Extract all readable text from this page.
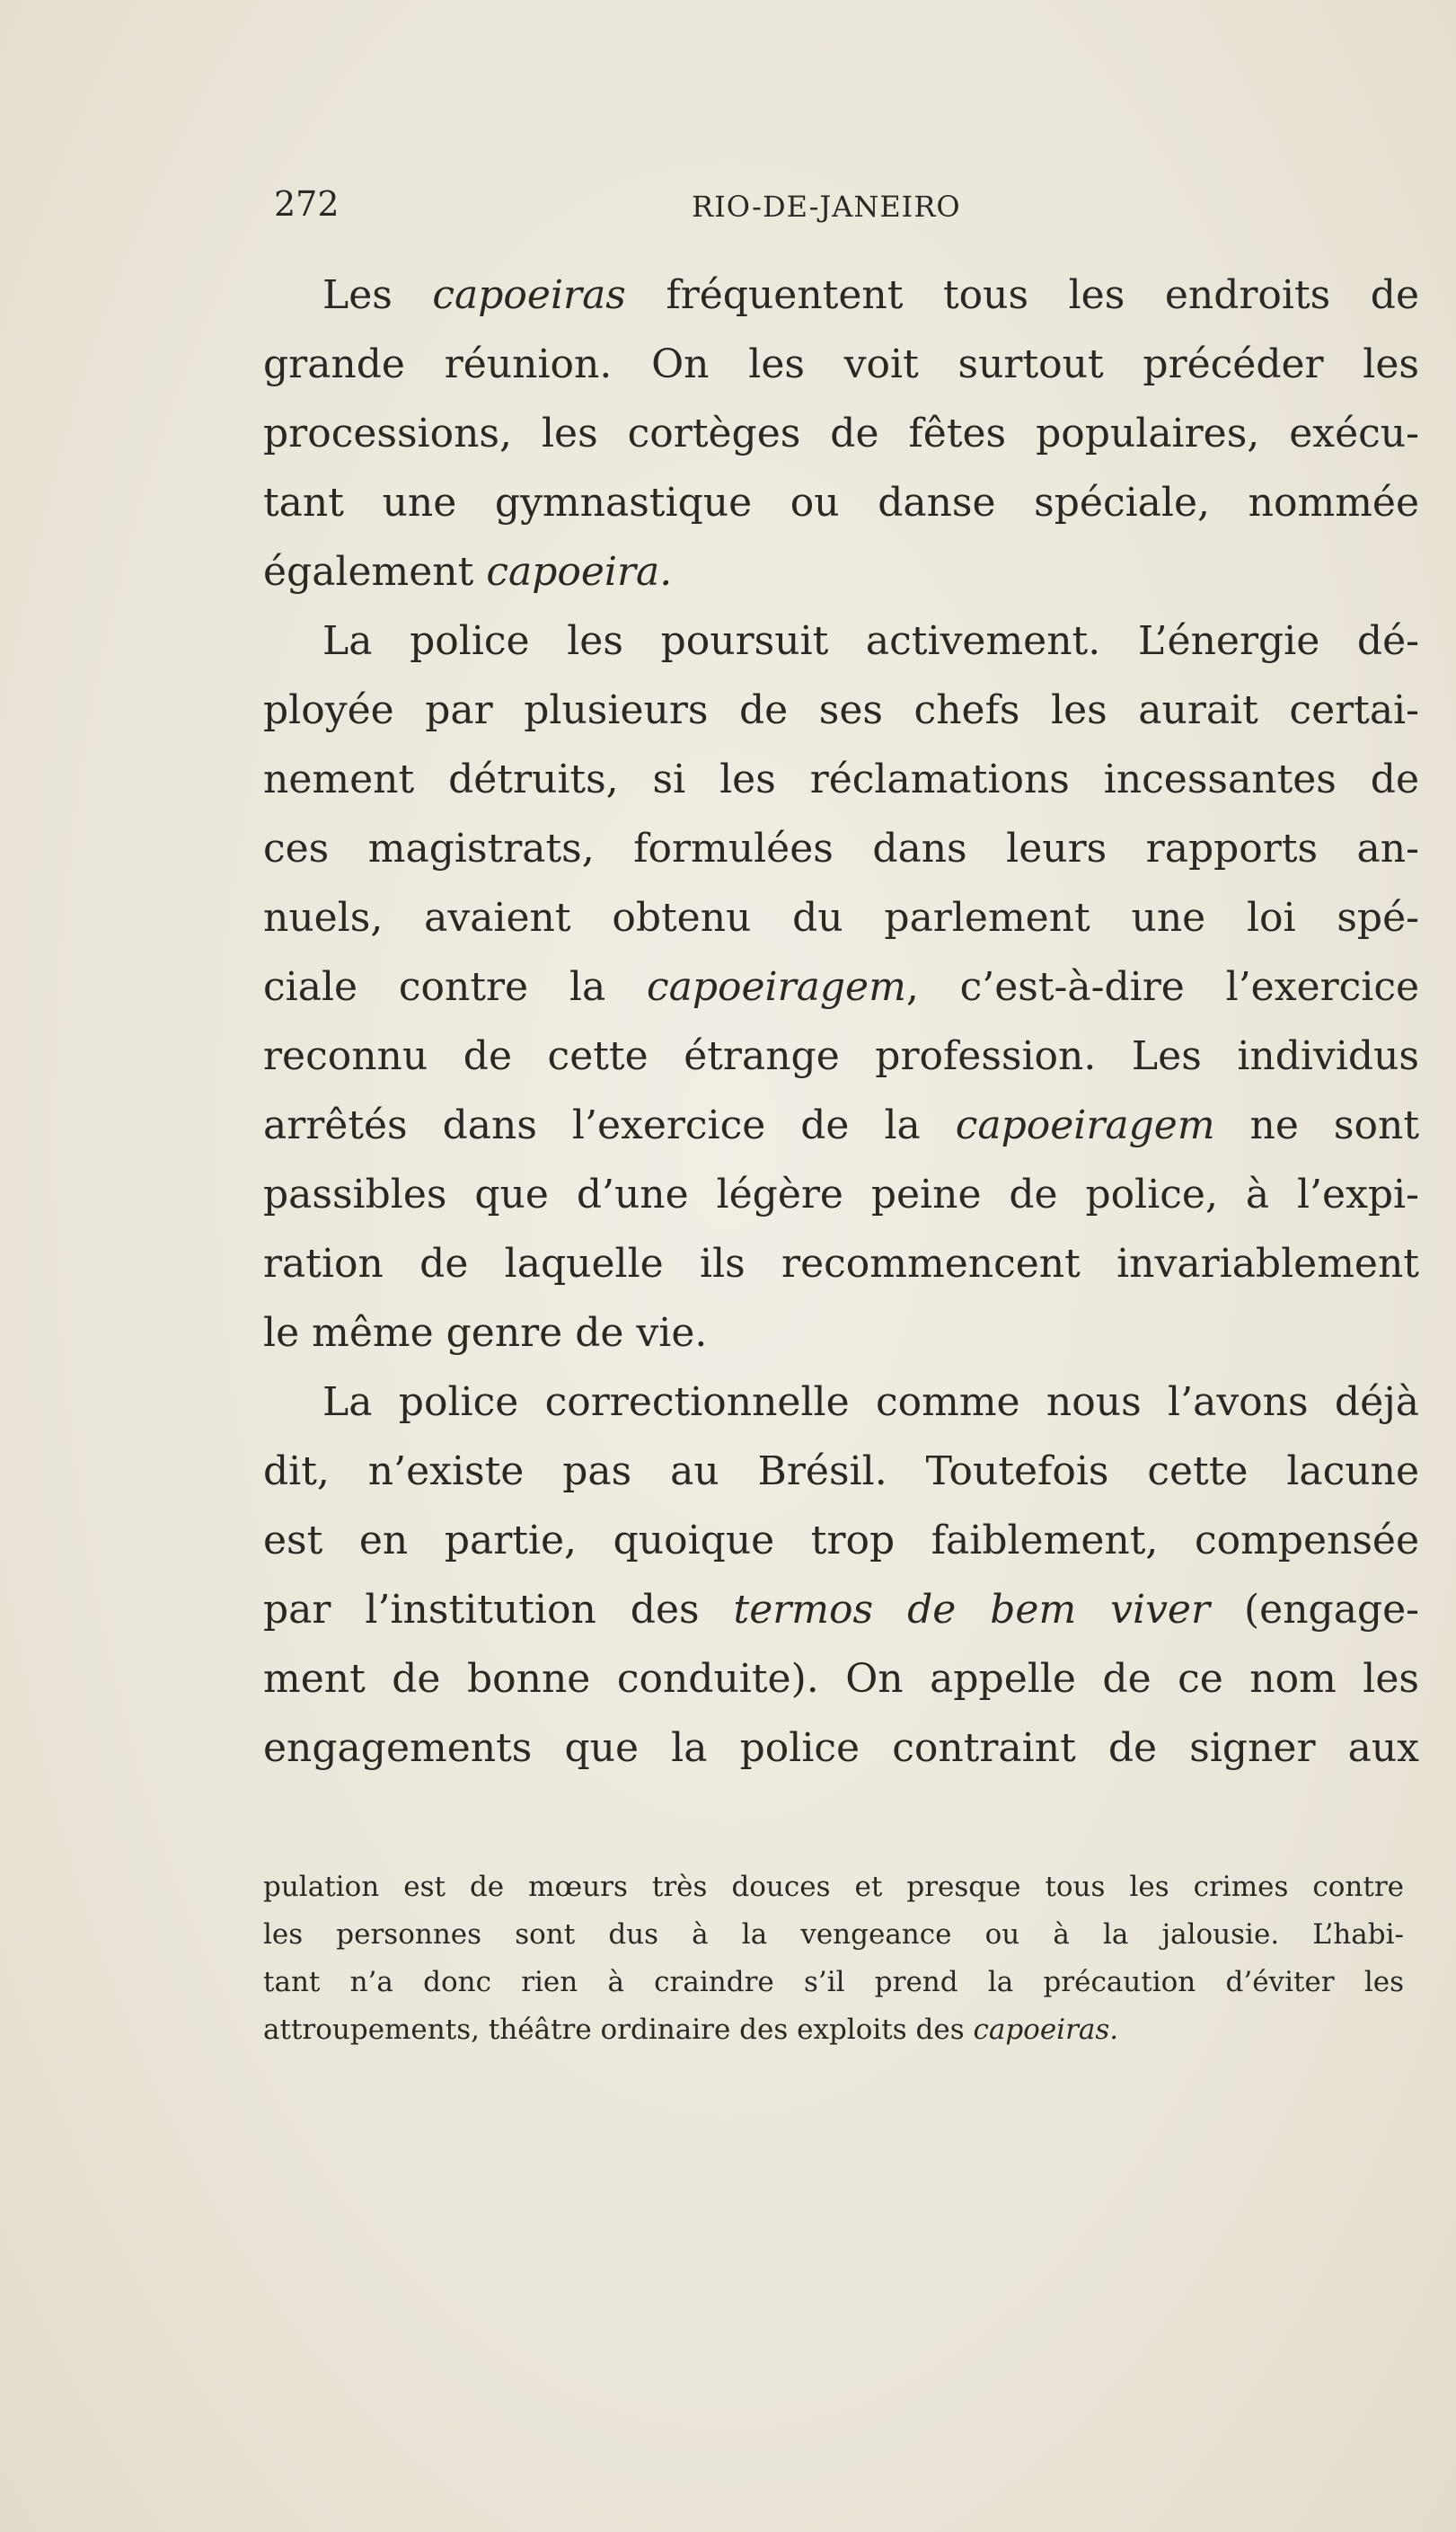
272	RIO-DE-JANEIRO
Les capoeiras fréquentent tous les endroits de
grande réunion. On les voit surtout précéder les
processions, les cortèges de fêtes populaires, exécu-
tant une gymnastique ou danse spéciale, nommée
également capoeira.
La police les poursuit activement. L’énergie dé-
ployée par plusieurs de ses chefs les aurait certai-
nement détruits, si les réclamations incessantes de
ces magistrats, formulées dans leurs rapports an-
nuels, avaient obtenu du parlement une loi spé-
ciale contre la capoeiragem, c’est-à-dire l’exercice
reconnu de cette étrange profession. Les individus
arrêtés dans l’exercice de la capoeiragem ne sont
passibles que d’une légère peine de police, à l’expi-
ration de laquelle ils recommencent invariablement
le même genre de vie.
La police correctionnelle comme nous l’avons déjà
dit, n’existe pas au Brésil. Toutefois cette lacune
est en partie, quoique trop faiblement, compensée
par l’institution des termos de bem viver (engage-
ment de bonne conduite). On appelle de ce nom les
engagements que la police contraint de signer aux
pulation est de mœurs très douces et presque tous les crimes contre
les personnes sont dus à la vengeance ou à la jalousie. L’habi-
tant n’a donc rien à craindre s’il prend la précaution d’éviter les
attroupements, théâtre ordinaire des exploits des capoeiras.
